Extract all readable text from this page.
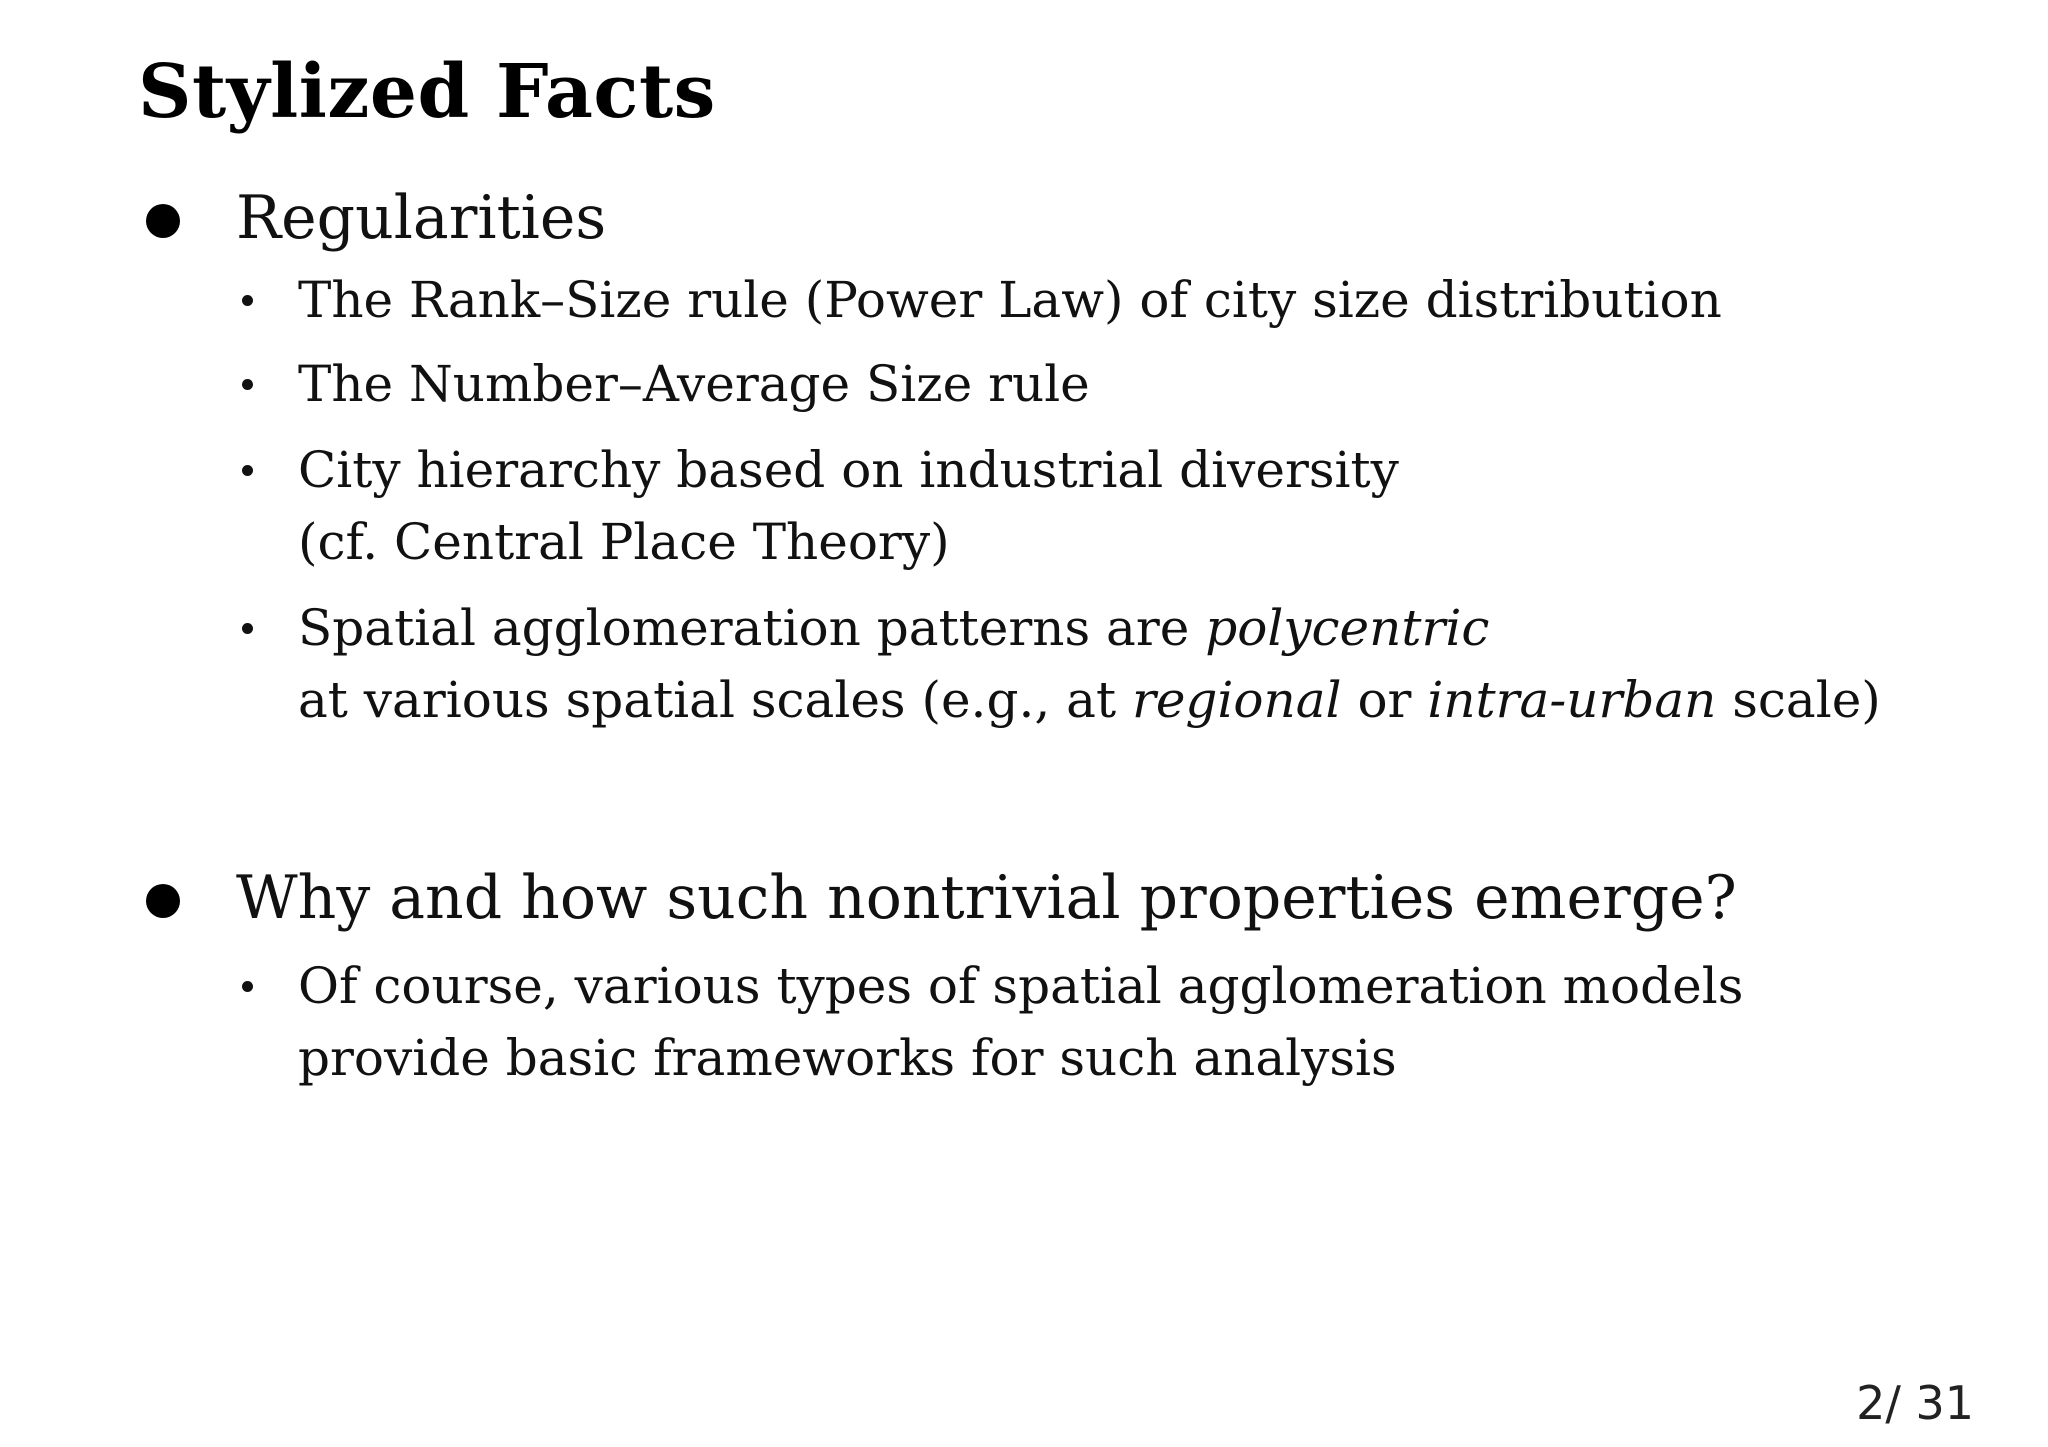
Stylized Facts
Regularities
The Rank–Size rule (Power Law) of city size distribution
The Number–Average Size rule
City hierarchy based on industrial diversity
(cf. Central Place Theory)
Spatial agglomeration patterns are polycentric
at various spatial scales (e.g., at regional or intra-urban scale)
Why and how such nontrivial properties emerge?
Of course, various types of spatial agglomeration models
provide basic frameworks for such analysis
2/ 31
